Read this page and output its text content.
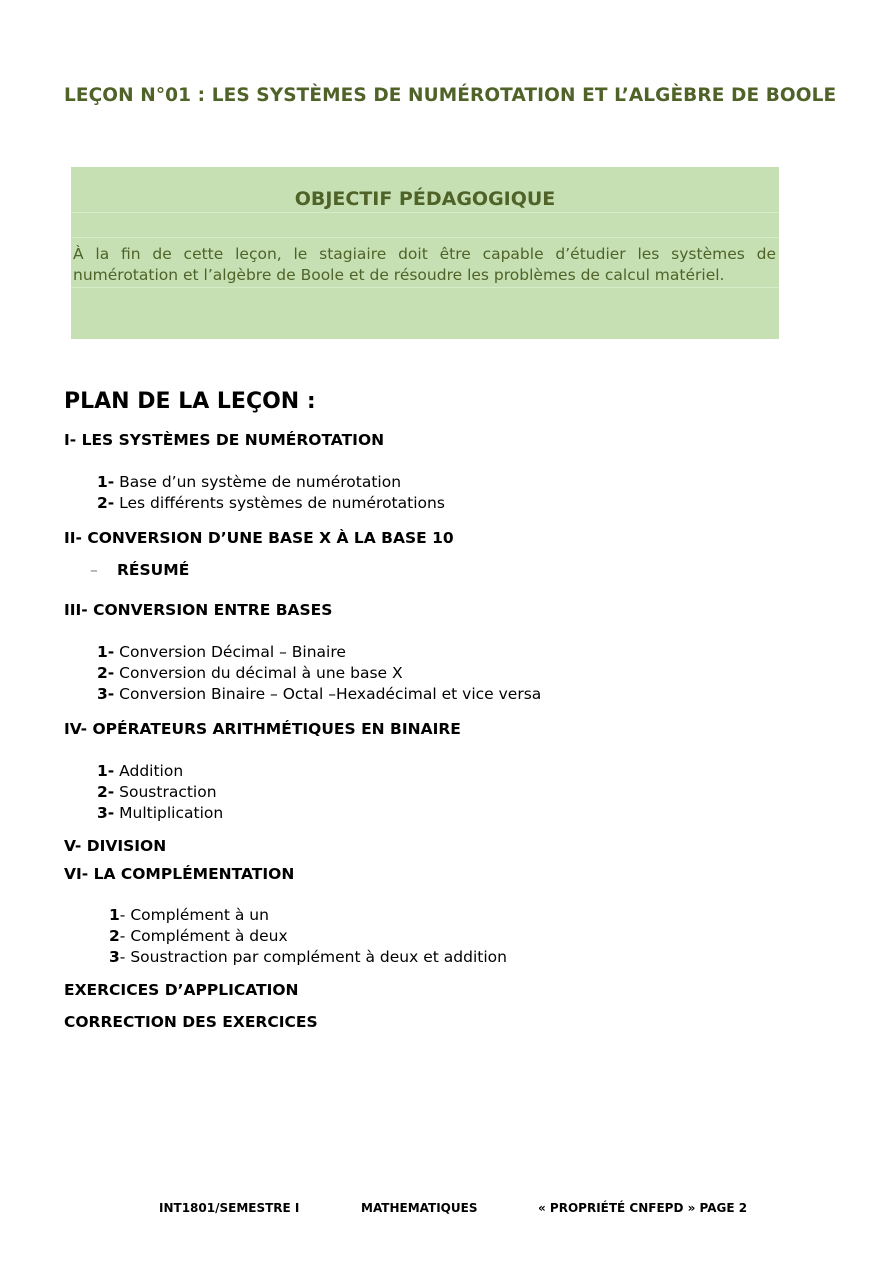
LEÇON N°01 : LES SYSTÈMES DE NUMÉROTATION ET L’ALGÈBRE DE BOOLE
OBJECTIF PÉDAGOGIQUE
À la fin de cette leçon, le stagiaire doit être capable d’étudier les systèmes de numérotation et l’algèbre de Boole et de résoudre les problèmes de calcul matériel.
PLAN DE LA LEÇON :
I- LES SYSTÈMES DE NUMÉROTATION
1- Base d’un système de numérotation
2- Les différents systèmes de numérotations
II- CONVERSION D’UNE BASE X À LA BASE 10
– RÉSUMÉ
III- CONVERSION ENTRE BASES
1- Conversion Décimal – Binaire
2- Conversion du décimal à une base X
3- Conversion Binaire – Octal –Hexadécimal et vice versa
IV- OPÉRATEURS ARITHMÉTIQUES EN BINAIRE
1- Addition
2- Soustraction
3- Multiplication
V- DIVISION
VI- LA COMPLÉMENTATION
1- Complément à un
2- Complément à deux
3- Soustraction par complément à deux et addition
EXERCICES D’APPLICATION
CORRECTION DES EXERCICES
INT1801/SEMESTRE I	MATHEMATIQUES	« PROPRIÉTÉ CNFEPD » PAGE 2
